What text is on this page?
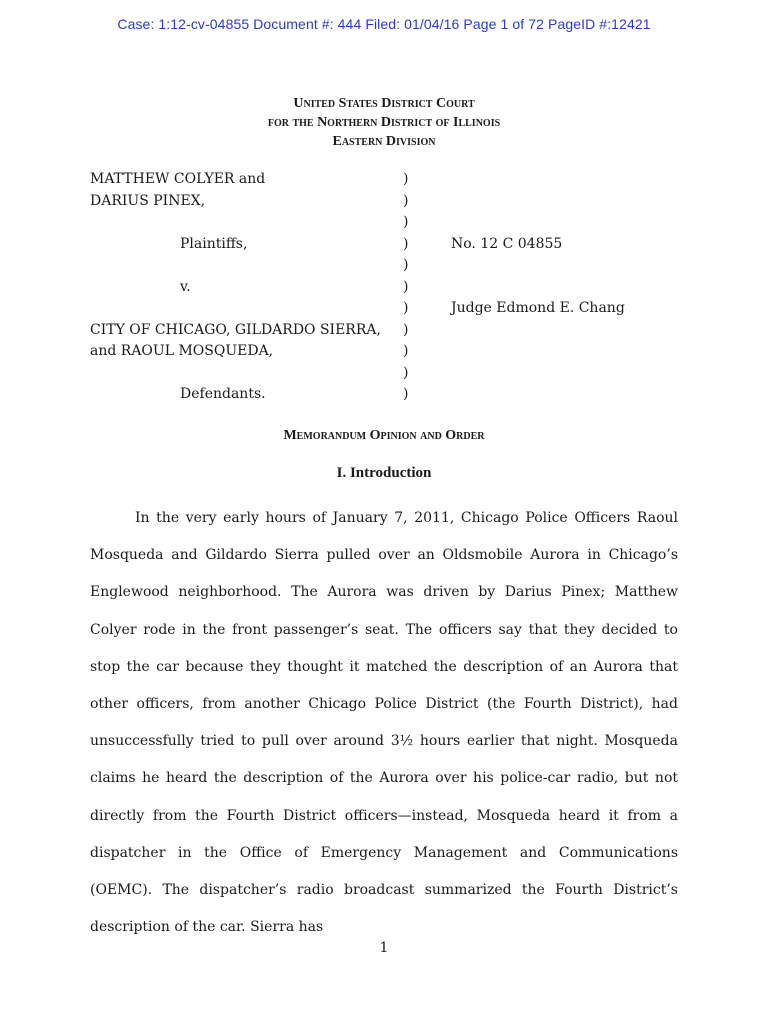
Case: 1:12-cv-04855 Document #: 444 Filed: 01/04/16 Page 1 of 72 PageID #:12421
United States District Court
for the Northern District of Illinois
Eastern Division
MATTHEW COLYER and
DARIUS PINEX,
Plaintiffs,
v.
CITY OF CHICAGO, GILDARDO SIERRA,
and RAOUL MOSQUEDA,
Defendants.
)
)
)
)
)
)
)
)
)
)
)
No. 12 C 04855
Judge Edmond E. Chang
Memorandum Opinion and Order
I. Introduction

In the very early hours of January 7, 2011, Chicago Police Officers Raoul Mosqueda and Gildardo Sierra pulled over an Oldsmobile Aurora in Chicago’s Englewood neighborhood. The Aurora was driven by Darius Pinex; Matthew Colyer rode in the front passenger’s seat. The officers say that they decided to stop the car because they thought it matched the description of an Aurora that other officers, from another Chicago Police District (the Fourth District), had unsuccessfully tried to pull over around 3½ hours earlier that night. Mosqueda claims he heard the description of the Aurora over his police-car radio, but not directly from the Fourth District officers—instead, Mosqueda heard it from a dispatcher in the Office of Emergency Management and Communications (OEMC). The dispatcher’s radio broadcast summarized the Fourth District’s description of the car. Sierra has

1
